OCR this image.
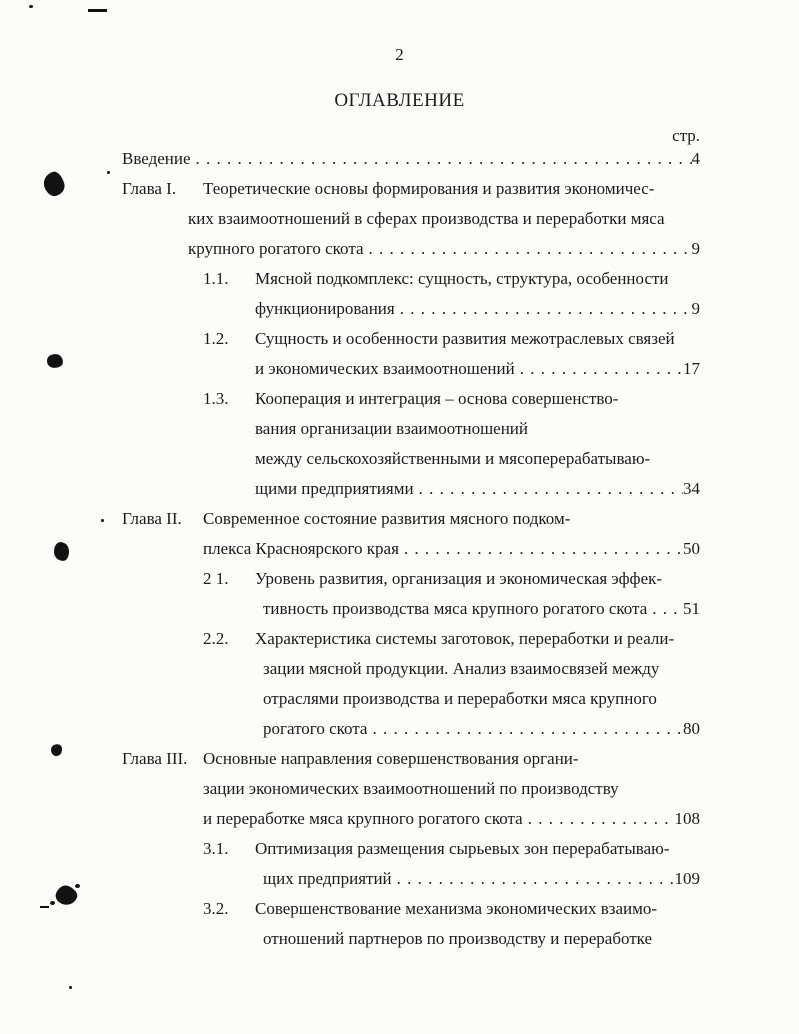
2
ОГЛАВЛЕНИЕ
стр.
Введение . . .	4
Глава I.	Теоретические основы формирования и развития экономичес-
ких взаимоотношений в сферах производства и переработки мяса
крупного рогатого скота . . .	9
1.1.	Мясной подкомплекс: сущность, структура, особенности
функционирования . . .	9
1.2.	Сущность и особенности развития межотраслевых связей
и экономических взаимоотношений . . .	17
1.3.	Кооперация и интеграция – основа совершенство-
вания организации взаимоотношений
между сельскохозяйственными и мясоперерабатываю-
щими предприятиями . . .	34
Глава II.	Современное состояние развития мясного подком-
плекса Красноярского края . . .	50
2 1.	Уровень развития, организация и экономическая эффек-
тивность производства мяса крупного рогатого скота . . . 51
2.2.	Характеристика системы заготовок, переработки и реали-
зации мясной продукции. Анализ взаимосвязей между
отраслями производства и переработки мяса крупного
рогатого скота . . .	80
Глава III. Основные направления совершенствования органи-
зации экономических взаимоотношений по производству
и переработке мяса крупного рогатого скота . . .	108
3.1.	Оптимизация размещения сырьевых зон перерабатываю-
щих предприятий . . .	109
3.2.	Совершенствование механизма экономических взаимо-
отношений партнеров по производству и переработке
